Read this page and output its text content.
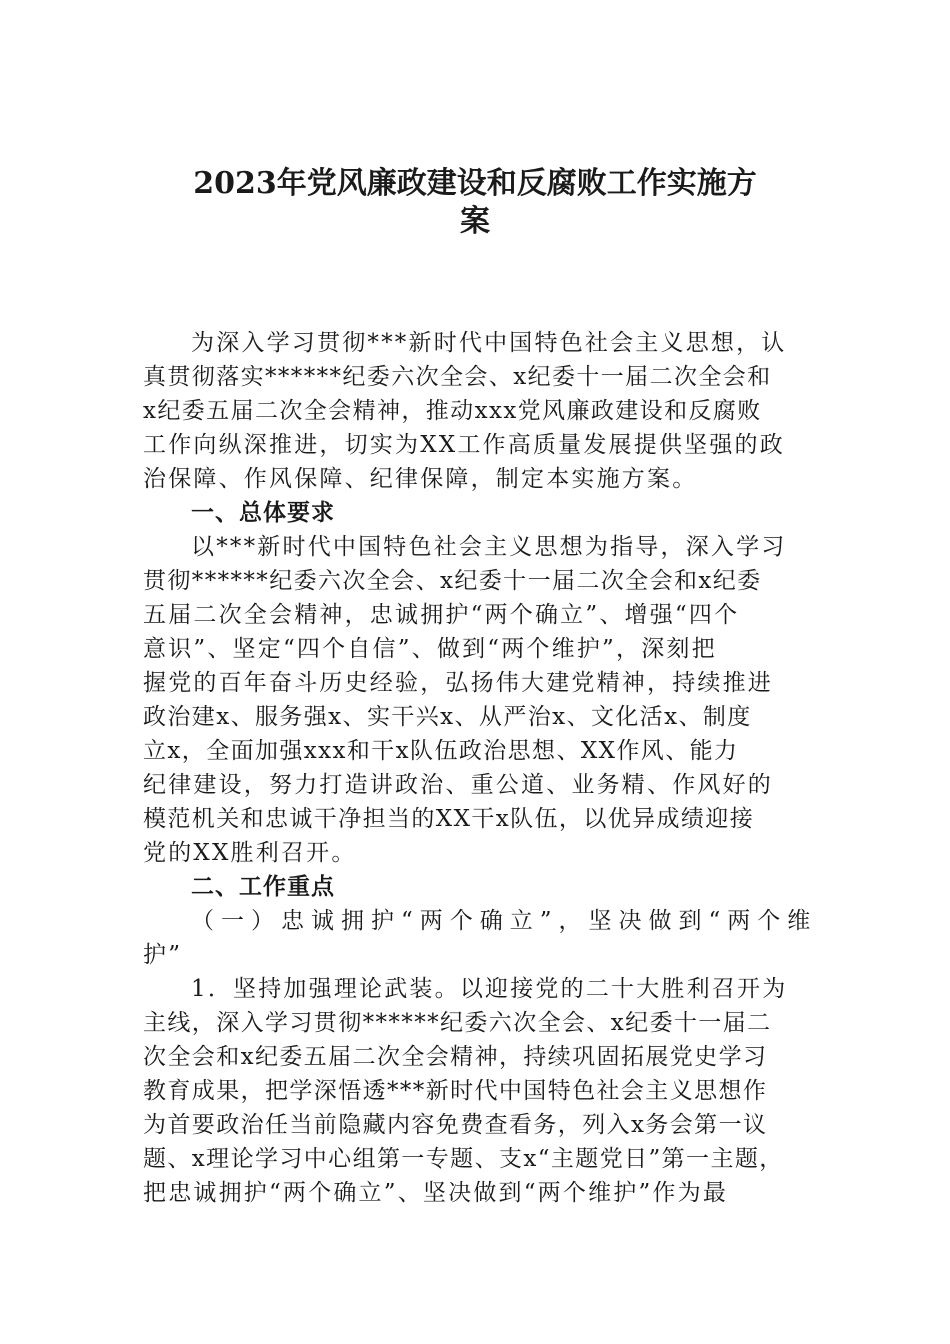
2023年党风廉政建设和反腐败工作实施方
案
为深入学习贯彻***新时代中国特色社会主义思想，认
真贯彻落实******纪委六次全会、x纪委十一届二次全会和
x纪委五届二次全会精神，推动xxx党风廉政建设和反腐败
工作向纵深推进，切实为XX工作高质量发展提供坚强的政
治保障、作风保障、纪律保障，制定本实施方案。
一、总体要求
以***新时代中国特色社会主义思想为指导，深入学习
贯彻******纪委六次全会、x纪委十一届二次全会和x纪委
五届二次全会精神，忠诚拥护“两个确立”、增强“四个
意识”、坚定“四个自信”、做到“两个维护”，深刻把
握党的百年奋斗历史经验，弘扬伟大建党精神，持续推进
政治建x、服务强x、实干兴x、从严治x、文化活x、制度
立x，全面加强xxx和干x队伍政治思想、XX作风、能力
纪律建设，努力打造讲政治、重公道、业务精、作风好的
模范机关和忠诚干净担当的XX干x队伍，以优异成绩迎接
党的XX胜利召开。
二、工作重点
（一）忠诚拥护“两个确立”，坚决做到“两个维
护”
1．坚持加强理论武装。以迎接党的二十大胜利召开为
主线，深入学习贯彻******纪委六次全会、x纪委十一届二
次全会和x纪委五届二次全会精神，持续巩固拓展党史学习
教育成果，把学深悟透***新时代中国特色社会主义思想作
为首要政治任当前隐藏内容免费查看务，列入x务会第一议
题、x理论学习中心组第一专题、支x“主题党日”第一主题，
把忠诚拥护“两个确立”、坚决做到“两个维护”作为最
